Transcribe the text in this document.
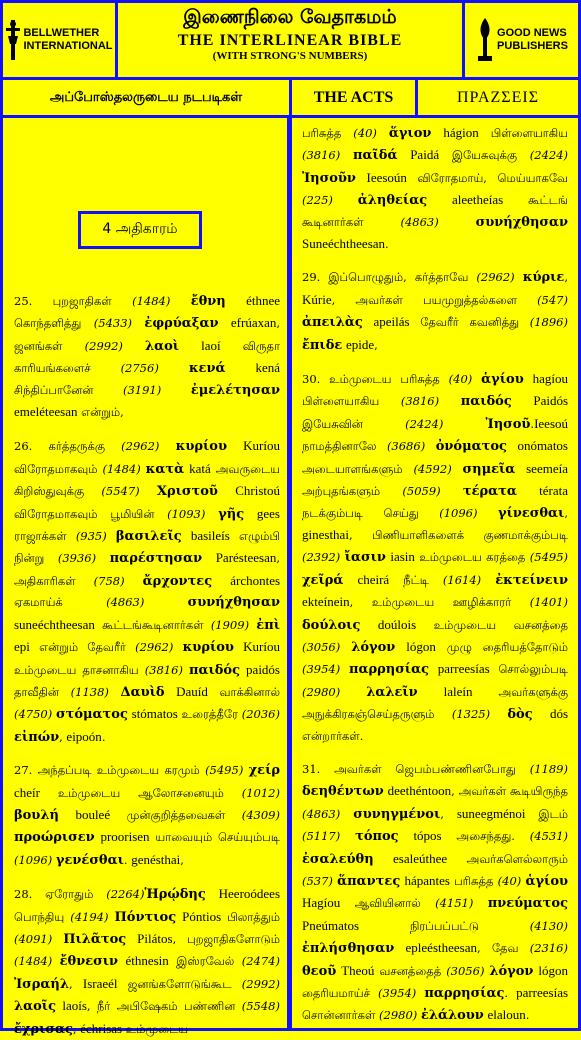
BELLWETHER
INTERNATIONAL
இணைநிலை வேதாகமம்
THE INTERLINEAR BIBLE
(WITH STRONG'S NUMBERS)
GOOD NEWS
PUBLISHERS
அப்போஸ்தலருடைய நடபடிகள்	THE ACTS	ΠΡΑΖΣΕΙΣ
4 அதிகாரம்

25. புறஜாதிகள் (1484) ἔθνη éthnee கொந்தளித்து (5433) ἐφρύαξαν efrúaxan, ஜனங்கள் (2992) λαοὶ laoí விருதா காரியங்களைச் (2756) κενά kená சிந்திப்பானேன் (3191) ἐμελέτησαν emeléteesan என்றும்,

26. கர்த்தருக்கு (2962) κυρίου Kuríou விரோதமாகவும் (1484) κατὰ katá அவருடைய கிறிஸ்துவுக்கு (5547) Χριστοῦ Christoú விரோதமாகவும் பூமியின் (1093) γῆς gees ராஜாக்கள் (935) βασιλεῖς basileís எழும்பி நின்று (3936) παρέστησαν Parésteesan, அதிகாரிகள் (758) ἄρχοντες árchontes ஏகமாய்க் (4863)	συνήχθησαν suneéchtheesan கூட்டங்கூடினார்கள் (1909) ἐπὶ epi என்றும் தேவரீர் (2962) κυρίου Kuríou உம்முடைய தாசனாகிய (3816) παιδός paidós தாவீதின் (1138) Δαυὶδ Dauíd வாக்கினால் (4750) στόματος stómatos உரைத்தீரே (2036) εἰπών, eipoón.

27. அந்தப்படி உம்முடைய கரமும் (5495) χείρ cheír உம்முடைய ஆலோசனையும் (1012) βουλή bouleé முன்குறித்தவைகள் (4309) προώρισεν proorisen யாவையும் செய்யும்படி (1096) γενέσθαι. genésthai,

28. ஏரோதும் (2264)Ἡρῴδης Heeroódees பொந்தியு (4194) Πόντιος Póntios பிலாத்தும் (4091) Πιλᾶτος Pilátos, புறஜாதிகளோடும் (1484) ἔθνεσιν éthnesin இஸ்ரவேல் (2474) Ἰσραήλ, Israeél ஜனங்களோடுங்கூட (2992) λαοῖς laoís, நீர் அபிஷேகம் பண்ணின (5548) ἔχρισας, échrisas உம்முடைய

பரிசுத்த (40) ἅγιον hágion பிள்ளையாகிய (3816) παῖδά Paidá இயேசுவுக்கு (2424) Ἰησοῦν Ieesoún விரோதமாய், மெய்யாகவே (225) ἀληθείας aleetheías கூட்டங் கூடினார்கள் (4863)	συνήχθησαν Suneéchtheesan.

29. இப்பொழுதும், கர்த்தாவே (2962) κύριε, Kúrie, அவர்கள் பயமுறுத்தல்களை (547) ἀπειλὰς apeilás தேவரீர் கவனித்து (1896) ἔπιδε epide,

30. உம்முடைய பரிசுத்த (40) ἁγίου hagíou பிள்ளையாகிய (3816) παιδός Paidós இயேசுவின் (2424)	Ἰησοῦ.Ieesoú நாமத்தினாலே (3686) ὀνόματος onómatos அடையாளங்களும் (4592) σημεῖα seemeía அற்புதங்களும் (5059) τέρατα térata நடக்கும்படி செய்து (1096) γίνεσθαι, ginesthai, பிணியாளிகளைக் குணமாக்கும்படி (2392) ἴασιν iasin உம்முடைய கரத்தை (5495) χεῖρά cheirá நீட்டி (1614) ἐκτείνειν ekteínein, உம்முடைய ஊழிக்காரர் (1401) δούλοις doúlois உம்முடைய வசனத்தை (3056) λόγον lógon முழு தைரியத்தோடும் (3954) παρρησίας parreesías சொல்லும்படி (2980) λαλεῖν laleín அவர்களுக்கு அநுக்கிரகஞ்செய்தருளும் (1325) δὸς dós என்றார்கள்.

31. அவர்கள் ஜெபம்பண்ணினபோது (1189) δεηθέντων deethéntoon, அவர்கள் கூடியிருந்த (4863) συνηγμένοι, suneegménoi இடம் (5117) τόπος tópos அசைந்தது. (4531) ἐσαλεύθη esaleúthee அவர்களெல்லாரும் (537) ἅπαντες hápantes பரிசுத்த (40) ἁγίου Hagíou ஆவியினால் (4151) πνεύματος Pneúmatos நிரப்பப்பட்டு (4130) ἐπλήσθησαν epleéstheesan, தேவ (2316) θεοῦ Theoú வசனத்தைத் (3056) λόγον lógon தைரியமாய்ச் (3954) παρρησίας. parreesías சொன்னார்கள் (2980) ἐλάλουν elaloun.
